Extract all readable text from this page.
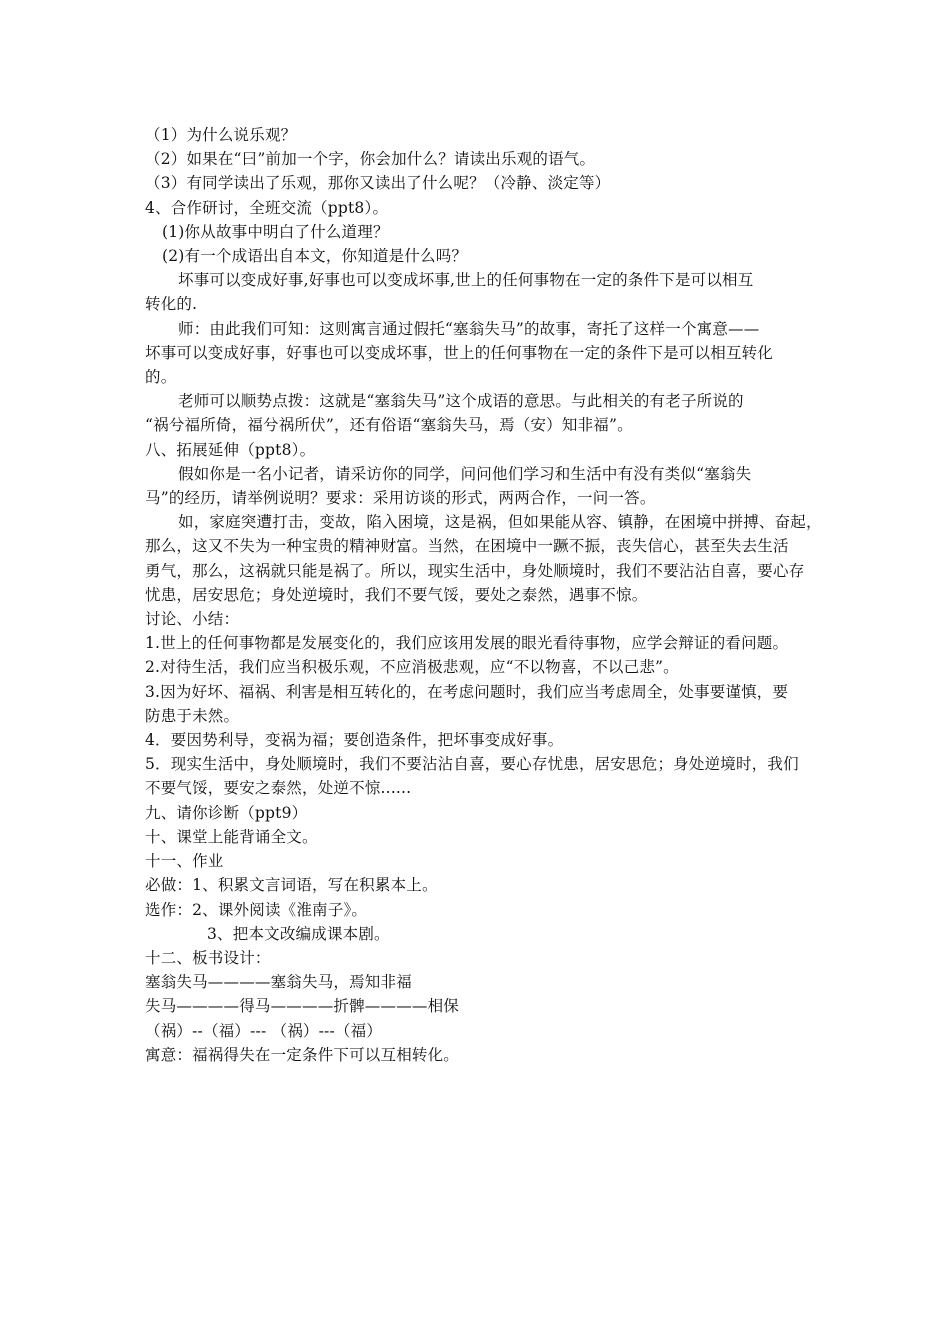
（1）为什么说乐观？
（2）如果在“曰”前加一个字，你会加什么？请读出乐观的语气。
（3）有同学读出了乐观，那你又读出了什么呢？（冷静、淡定等）
4、合作研讨，全班交流（ppt8）。
(1)你从故事中明白了什么道理？
(2)有一个成语出自本文，你知道是什么吗？
坏事可以变成好事,好事也可以变成坏事,世上的任何事物在一定的条件下是可以相互
转化的.
师：由此我们可知：这则寓言通过假托“塞翁失马”的故事，寄托了这样一个寓意——
坏事可以变成好事，好事也可以变成坏事，世上的任何事物在一定的条件下是可以相互转化
的。
老师可以顺势点拨：这就是“塞翁失马”这个成语的意思。与此相关的有老子所说的
“祸兮福所倚，福兮祸所伏”，还有俗语“塞翁失马，焉（安）知非福”。
八、拓展延伸（ppt8）。
假如你是一名小记者，请采访你的同学，问问他们学习和生活中有没有类似“塞翁失
马”的经历，请举例说明？要求：采用访谈的形式，两两合作，一问一答。
如，家庭突遭打击，变故，陷入困境，这是祸，但如果能从容、镇静，在困境中拼搏、奋起，
那么，这又不失为一种宝贵的精神财富。当然，在困境中一蹶不振，丧失信心，甚至失去生活
勇气，那么，这祸就只能是祸了。所以，现实生活中，身处顺境时，我们不要沾沾自喜，要心存
忧患，居安思危；身处逆境时，我们不要气馁，要处之泰然，遇事不惊。
讨论、小结：
1.世上的任何事物都是发展变化的，我们应该用发展的眼光看待事物，应学会辩证的看问题。
2.对待生活，我们应当积极乐观，不应消极悲观，应“不以物喜，不以己悲”。
3.因为好坏、福祸、利害是相互转化的，在考虑问题时，我们应当考虑周全，处事要谨慎，要
防患于未然。
4．要因势利导，变祸为福；要创造条件，把坏事变成好事。
5．现实生活中，身处顺境时，我们不要沾沾自喜，要心存忧患，居安思危；身处逆境时，我们
不要气馁，要安之泰然，处逆不惊......
九、请你诊断（ppt9）
十、课堂上能背诵全文。
十一、作业
必做：1、积累文言词语，写在积累本上。
选作：2、课外阅读《淮南子》。
3、把本文改编成课本剧。
十二、板书设计：
塞翁失马————塞翁失马，焉知非福
失马————得马————折髀————相保
（祸）--（福）--- （祸）---（福）
寓意：福祸得失在一定条件下可以互相转化。
